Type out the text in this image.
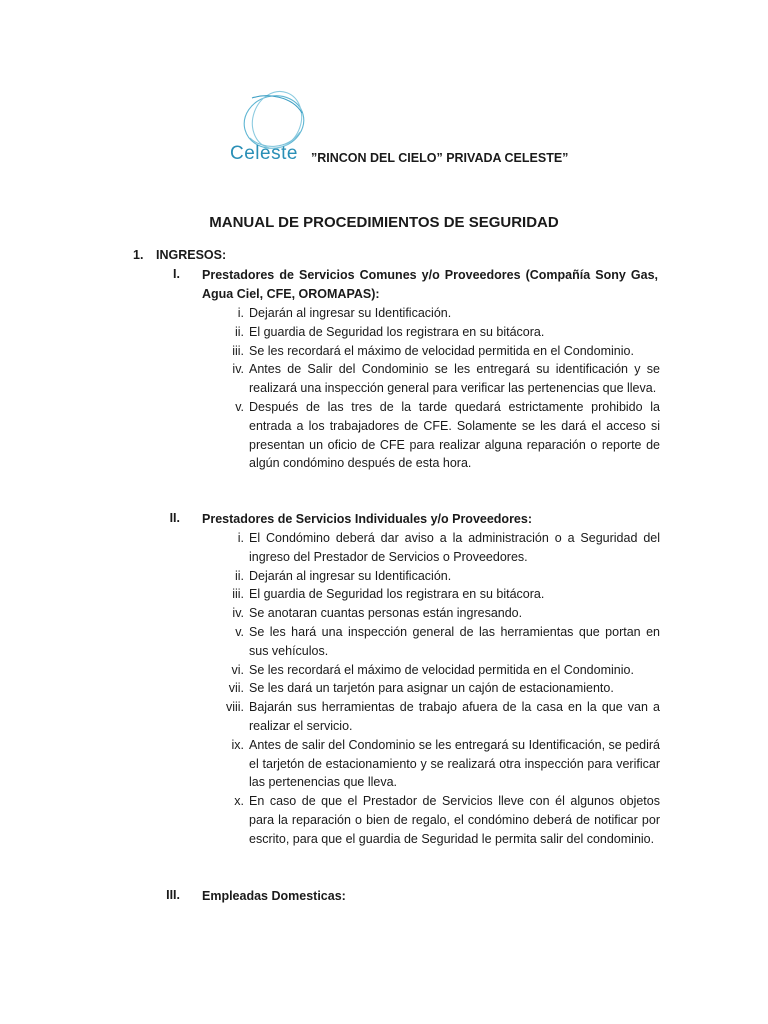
Celeste ”RINCON DEL CIELO” PRIVADA CELESTE”
MANUAL DE PROCEDIMIENTOS DE SEGURIDAD
1. INGRESOS:
I. Prestadores de Servicios Comunes y/o Proveedores (Compañía Sony Gas, Agua Ciel, CFE, OROMAPAS):
i. Dejarán al ingresar su Identificación.
ii. El guardia de Seguridad los registrara en su bitácora.
iii. Se les recordará el máximo de velocidad permitida en el Condominio.
iv. Antes de Salir del Condominio se les entregará su identificación y se realizará una inspección general para verificar las pertenencias que lleva.
v. Después de las tres de la tarde quedará estrictamente prohibido la entrada a los trabajadores de CFE. Solamente se les dará el acceso si presentan un oficio de CFE para realizar alguna reparación o reporte de algún condómino después de esta hora.
II. Prestadores de Servicios Individuales y/o Proveedores:
i. El Condómino deberá dar aviso a la administración o a Seguridad del ingreso del Prestador de Servicios o Proveedores.
ii. Dejarán al ingresar su Identificación.
iii. El guardia de Seguridad los registrara en su bitácora.
iv. Se anotaran cuantas personas están ingresando.
v. Se les hará una inspección general de las herramientas que portan en sus vehículos.
vi. Se les recordará el máximo de velocidad permitida en el Condominio.
vii. Se les dará un tarjetón para asignar un cajón de estacionamiento.
viii. Bajarán sus herramientas de trabajo afuera de la casa en la que van a realizar el servicio.
ix. Antes de salir del Condominio se les entregará su Identificación, se pedirá el tarjetón de estacionamiento y se realizará otra inspección para verificar las pertenencias que lleva.
x. En caso de que el Prestador de Servicios lleve con él algunos objetos para la reparación o bien de regalo, el condómino deberá de notificar por escrito, para que el guardia de Seguridad le permita salir del condominio.
III. Empleadas Domesticas:
